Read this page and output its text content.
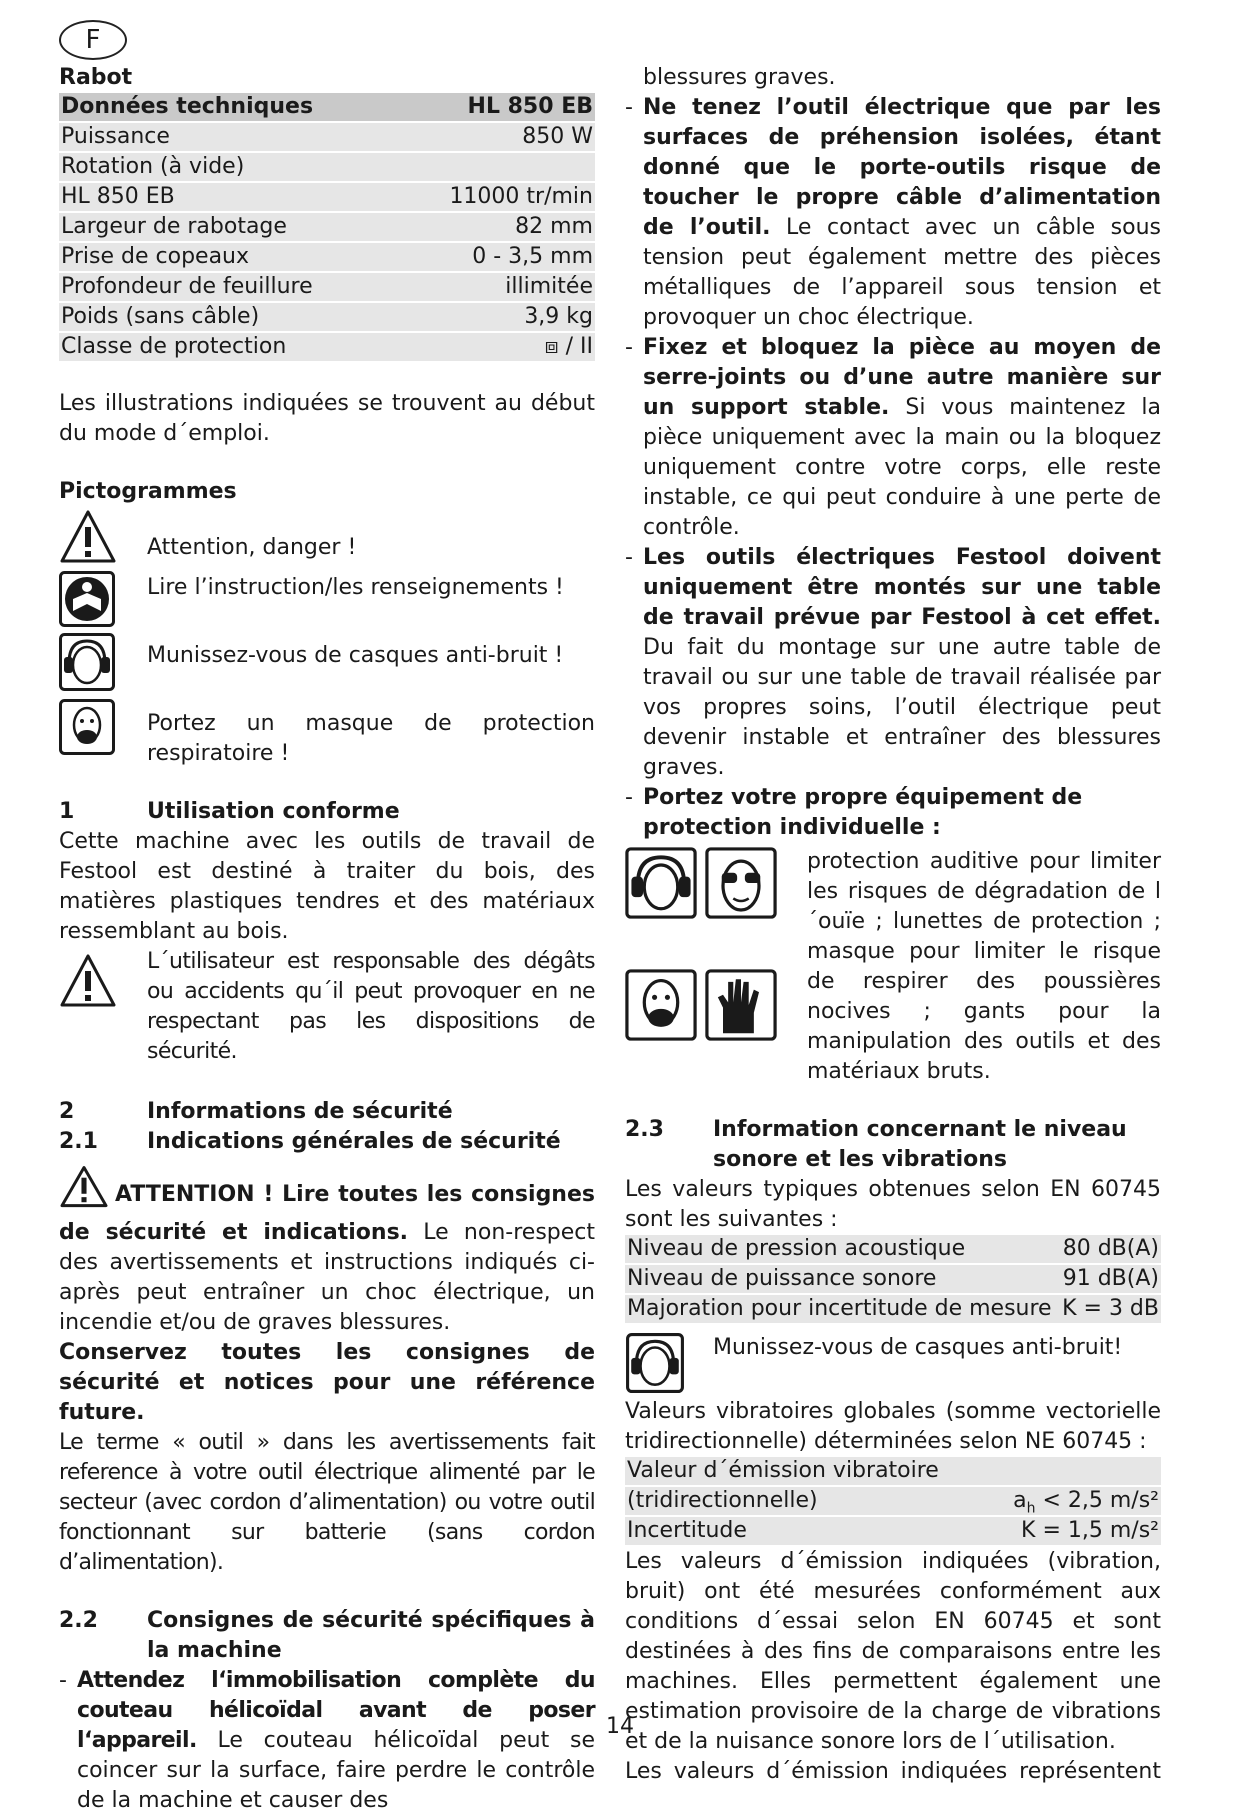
F
Rabot
Données techniques	HL 850 EB
Puissance	850 W
Rotation (à vide)
HL 850 EB	11000 tr/min
Largeur de rabotage	82 mm
Prise de copeaux	0 - 3,5 mm
Profondeur de feuillure	illimitée
Poids (sans câble)	3,9 kg
Classe de protection	⧈ / II

Les illustrations indiquées se trouvent au début du mode d´emploi.

Pictogrammes
Attention, danger !
Lire l’instruction/les renseignements !
Munissez-vous de casques anti-bruit !
Portez un masque de protection respiratoire !
1	Utilisation conforme

Cette machine avec les outils de travail de Festool est destiné à traiter du bois, des matières plastiques tendres et des matériaux ressemblant au bois.

L´utilisateur est responsable des dégâts ou accidents qu´il peut provoquer en ne respectant pas les dispositions de sécurité.
2	Informations de sécurité
2.1	Indications générales de sécurité

ATTENTION ! Lire toutes les consignes de sécurité et indications. Le non-respect des avertissements et instructions indiqués ci-après peut entraîner un choc électrique, un incendie et/ou de graves blessures.

Conservez toutes les consignes de sécurité et notices pour une référence future.

Le terme « outil » dans les avertissements fait reference à votre outil électrique alimenté par le secteur (avec cordon d’alimentation) ou votre outil fonctionnant sur batterie (sans cordon d’alimentation).

2.2	Consignes de sécurité spécifiques à la machine
- Attendez l‘immobilisation complète du couteau hélicoïdal avant de poser l‘appareil. Le couteau hélicoïdal peut se coincer sur la surface, faire perdre le contrôle de la machine et causer des
blessures graves.
- Ne tenez l’outil électrique que par les surfaces de préhension isolées, étant donné que le porte-outils risque de toucher le propre câble d’alimentation de l’outil. Le contact avec un câble sous tension peut également mettre des pièces métalliques de l’appareil sous tension et provoquer un choc électrique.
- Fixez et bloquez la pièce au moyen de serre-joints ou d’une autre manière sur un support stable. Si vous maintenez la pièce uniquement avec la main ou la bloquez uniquement contre votre corps, elle reste instable, ce qui peut conduire à une perte de contrôle.
- Les outils électriques Festool doivent uniquement être montés sur une table de travail prévue par Festool à cet effet. Du fait du montage sur une autre table de travail ou sur une table de travail réalisée par vos propres soins, l’outil électrique peut devenir instable et entraîner des blessures graves.
- Portez votre propre équipement de protection individuelle :
protection auditive pour limiter les risques de dégradation de l´ouïe ; lunettes de protection ; masque pour limiter le risque de respirer des poussières nocives ; gants pour la manipulation des outils et des matériaux bruts.
2.3	Information concernant le niveau sonore et les vibrations

Les valeurs typiques obtenues selon EN 60745 sont les suivantes :

Niveau de pression acoustique	80 dB(A)
Niveau de puissance sonore	91 dB(A)
Majoration pour incertitude de mesure K = 3 dB
Munissez-vous de casques anti-bruit!

Valeurs vibratoires globales (somme vectorielle tridirectionnelle) déterminées selon NE 60745 :

Valeur d´émission vibratoire
(tridirectionnelle)	$a_h < 2,5$ m/s²
Incertitude	K = 1,5 m/s²

Les valeurs d´émission indiquées (vibration, bruit) ont été mesurées conformément aux conditions d´essai selon EN 60745 et sont destinées à des fins de comparaisons entre les machines. Elles permettent également une estimation provisoire de la charge de vibrations et de la nuisance sonore lors de l´utilisation.

Les valeurs d´émission indiquées représentent

14
